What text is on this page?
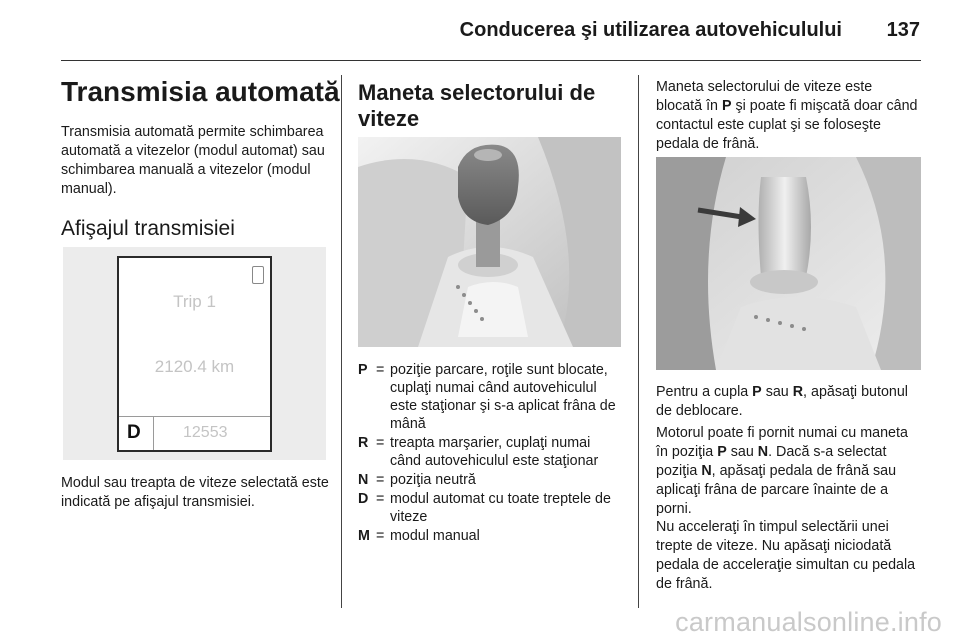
Conducerea şi utilizarea autovehiculului 137
Transmisia automată

Transmisia automată permite schimbarea automată a vitezelor (modul automat) sau schimbarea manuală a vitezelor (modul manual).

Afişajul transmisiei
Trip 1
2120.4 km
D	12553

Modul sau treapta de viteze selectată este indicată pe afişajul transmisiei.

Maneta selectorului de viteze
P = poziţie parcare, roţile sunt blocate, cuplaţi numai când autovehiculul este staţionar şi s-a aplicat frâna de mână
R = treapta marşarier, cuplaţi numai când autovehiculul este staţionar
N = poziţia neutră
D = modul automat cu toate treptele de viteze
M = modul manual

Maneta selectorului de viteze este blocată în P şi poate fi mişcată doar când contactul este cuplat şi se foloseşte pedala de frână.

Pentru a cupla P sau R, apăsaţi butonul de deblocare.

Motorul poate fi pornit numai cu maneta în poziţia P sau N. Dacă s-a selectat poziţia N, apăsaţi pedala de frână sau aplicaţi frâna de parcare înainte de a porni.

Nu acceleraţi în timpul selectării unei trepte de viteze. Nu apăsaţi niciodată pedala de acceleraţie simultan cu pedala de frână.

carmanualsonline.info
